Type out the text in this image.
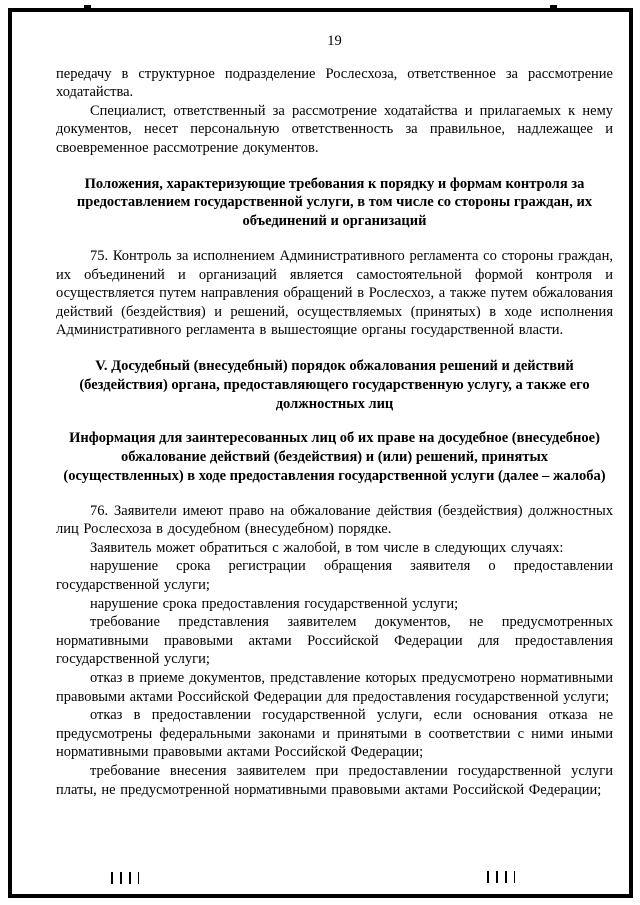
19

передачу в структурное подразделение Рослесхоза, ответственное за рассмотрение ходатайства.

Специалист, ответственный за рассмотрение ходатайства и прилагаемых к нему документов, несет персональную ответственность за правильное, надлежащее и своевременное рассмотрение документов.

Положения, характеризующие требования к порядку и формам контроля за предоставлением государственной услуги, в том числе со стороны граждан, их объединений и организаций

75. Контроль за исполнением Административного регламента со стороны граждан, их объединений и организаций является самостоятельной формой контроля и осуществляется путем направления обращений в Рослесхоз, а также путем обжалования действий (бездействия) и решений, осуществляемых (принятых) в ходе исполнения Административного регламента в вышестоящие органы государственной власти.

V. Досудебный (внесудебный) порядок обжалования решений и действий (бездействия) органа, предоставляющего государственную услугу, а также его должностных лиц
Информация для заинтересованных лиц об их праве на досудебное (внесудебное) обжалование действий (бездействия) и (или) решений, принятых (осуществленных) в ходе предоставления государственной услуги (далее – жалоба)

76. Заявители имеют право на обжалование действия (бездействия) должностных лиц Рослесхоза в досудебном (внесудебном) порядке.

Заявитель может обратиться с жалобой, в том числе в следующих случаях:

нарушение срока регистрации обращения заявителя о предоставлении государственной услуги;

нарушение срока предоставления государственной услуги;

требование представления заявителем документов, не предусмотренных нормативными правовыми актами Российской Федерации для предоставления государственной услуги;

отказ в приеме документов, представление которых предусмотрено нормативными правовыми актами Российской Федерации для предоставления государственной услуги;

отказ в предоставлении государственной услуги, если основания отказа не предусмотрены федеральными законами и принятыми в соответствии с ними иными нормативными правовыми актами Российской Федерации;

требование внесения заявителем при предоставлении государственной услуги платы, не предусмотренной нормативными правовыми актами Российской Федерации;
